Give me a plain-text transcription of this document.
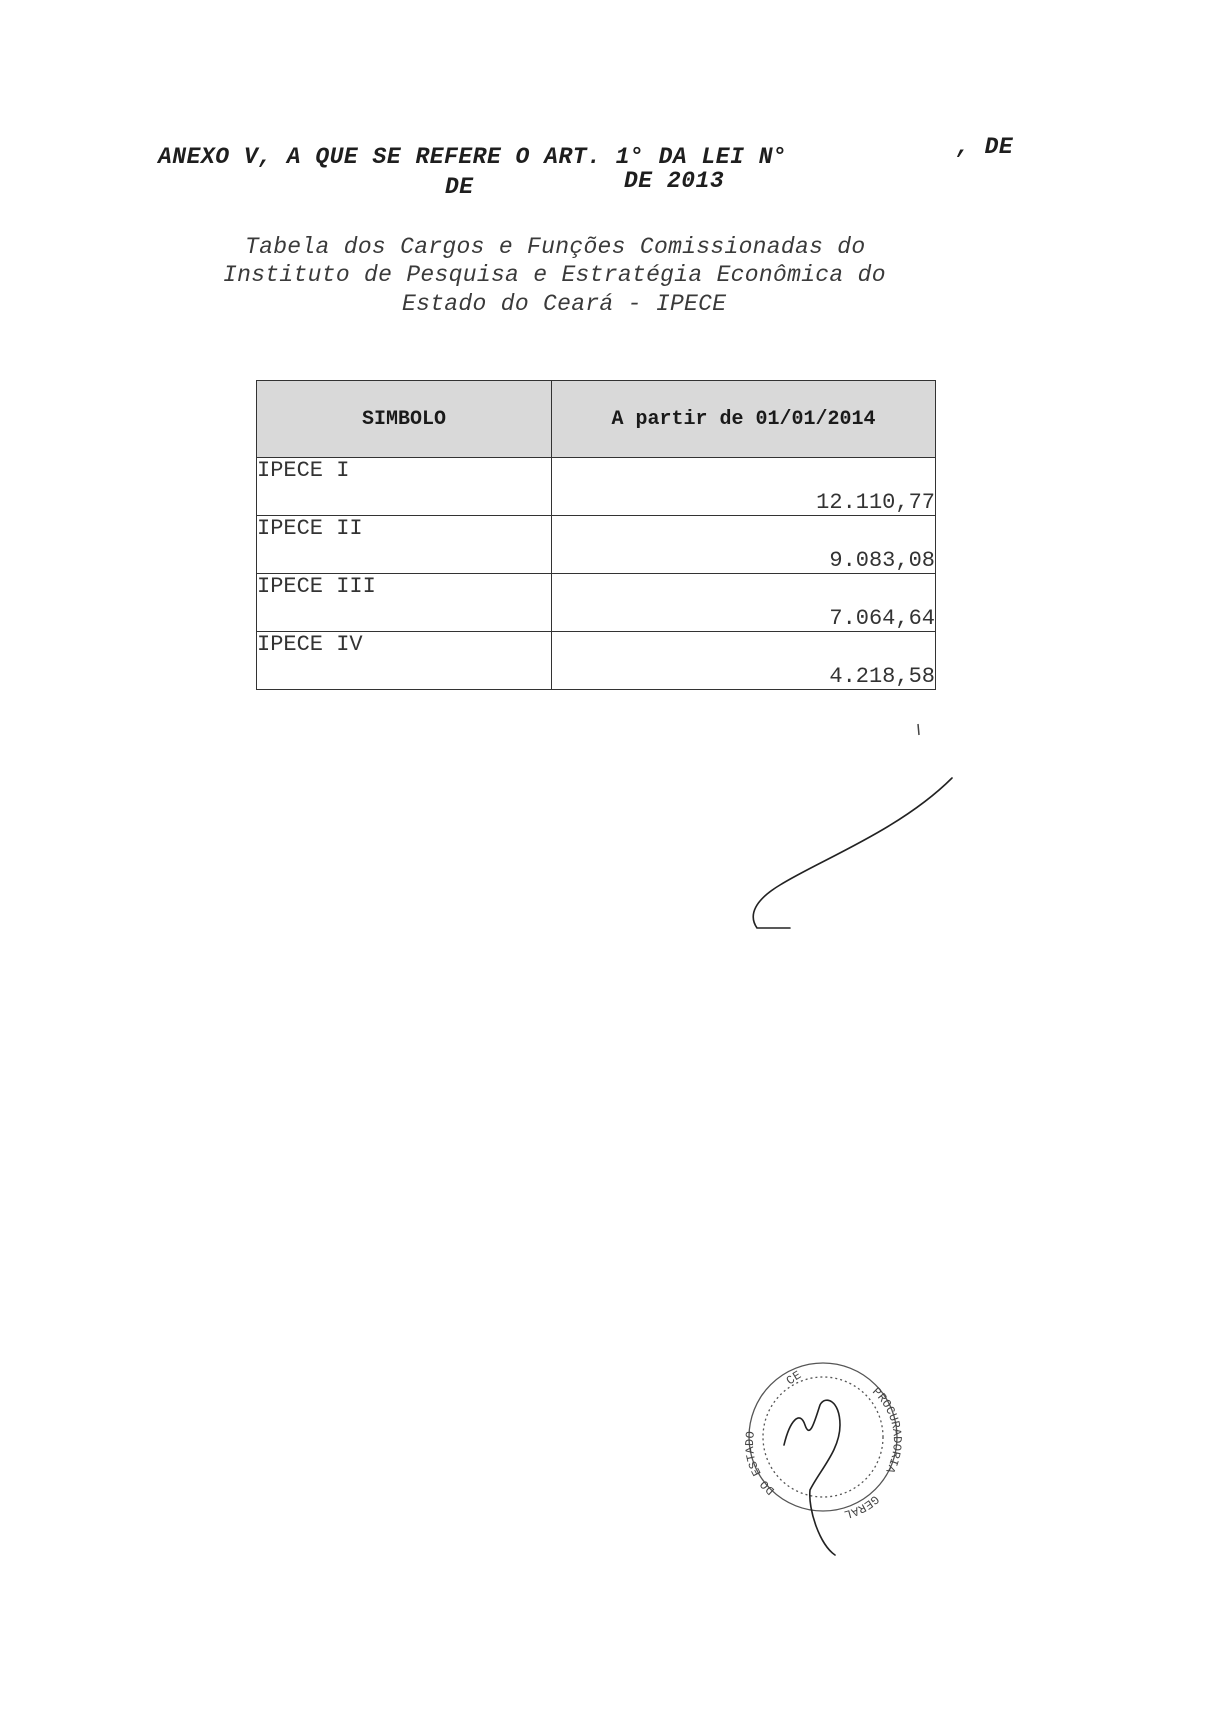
ANEXO V, A QUE SE REFERE O ART. 1° DA LEI N°	, DE
DE	DE 2013
Tabela dos Cargos e Funções Comissionadas do
Instituto de Pesquisa e Estratégia Econômica do
Estado do Ceará - IPECE
SIMBOLO	A partir de 01/01/2014
IPECE I	12.110,77
IPECE II	9.083,08
IPECE III	7.064,64
IPECE IV	4.218,58
DO ESTADO
PROCURADORIA
GERAL
CE
